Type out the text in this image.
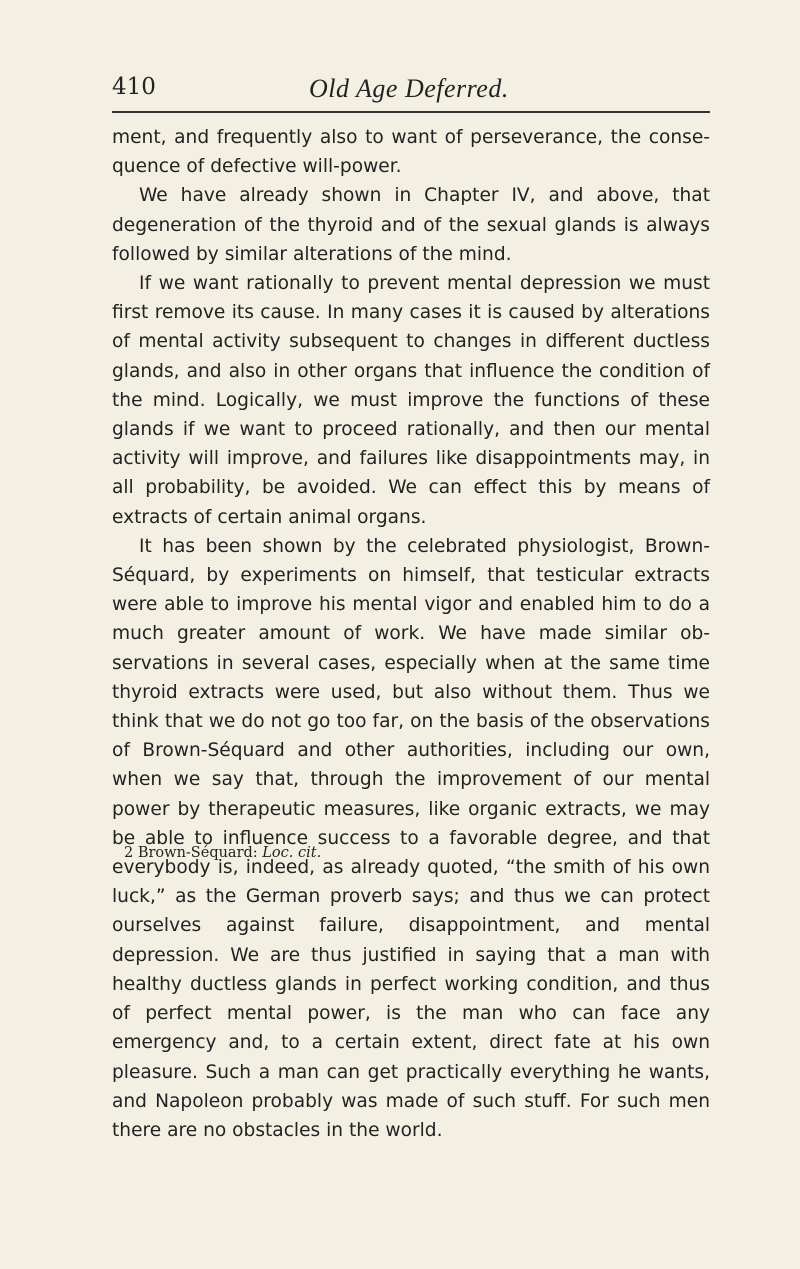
410	Old Age Deferred.

ment, and frequently also to want of perseverance, the consequence of defective will-power.

We have already shown in Chapter IV, and above, that degeneration of the thyroid and of the sexual glands is always followed by similar alterations of the mind.

If we want rationally to prevent mental depression we must first remove its cause. In many cases it is caused by alterations of mental activity subsequent to changes in different ductless glands, and also in other organs that influence the condition of the mind. Logically, we must improve the functions of these glands if we want to proceed rationally, and then our mental activity will improve, and failures like disappointments may, in all probability, be avoided. We can effect this by means of extracts of certain animal organs.

It has been shown by the celebrated physiologist, Brown-Séquard, by experiments on himself, that testicular extracts were able to improve his mental vigor and enabled him to do a much greater amount of work. We have made similar observations in several cases, especially when at the same time thyroid extracts were used, but also without them. Thus we think that we do not go too far, on the basis of the observations of Brown-Séquard and other authorities, including our own, when we say that, through the improvement of our mental power by therapeutic measures, like organic extracts, we may be able to influence success to a favorable degree, and that everybody is, indeed, as already quoted, “the smith of his own luck,” as the German proverb says; and thus we can protect ourselves against failure, disappointment, and mental depression. We are thus justified in saying that a man with healthy ductless glands in perfect working condition, and thus of perfect mental power, is the man who can face any emergency and, to a certain extent, direct fate at his own pleasure. Such a man can get practically everything he wants, and Napoleon probably was made of such stuff. For such men there are no obstacles in the world.

2 Brown-Séquard: Loc. cit.
